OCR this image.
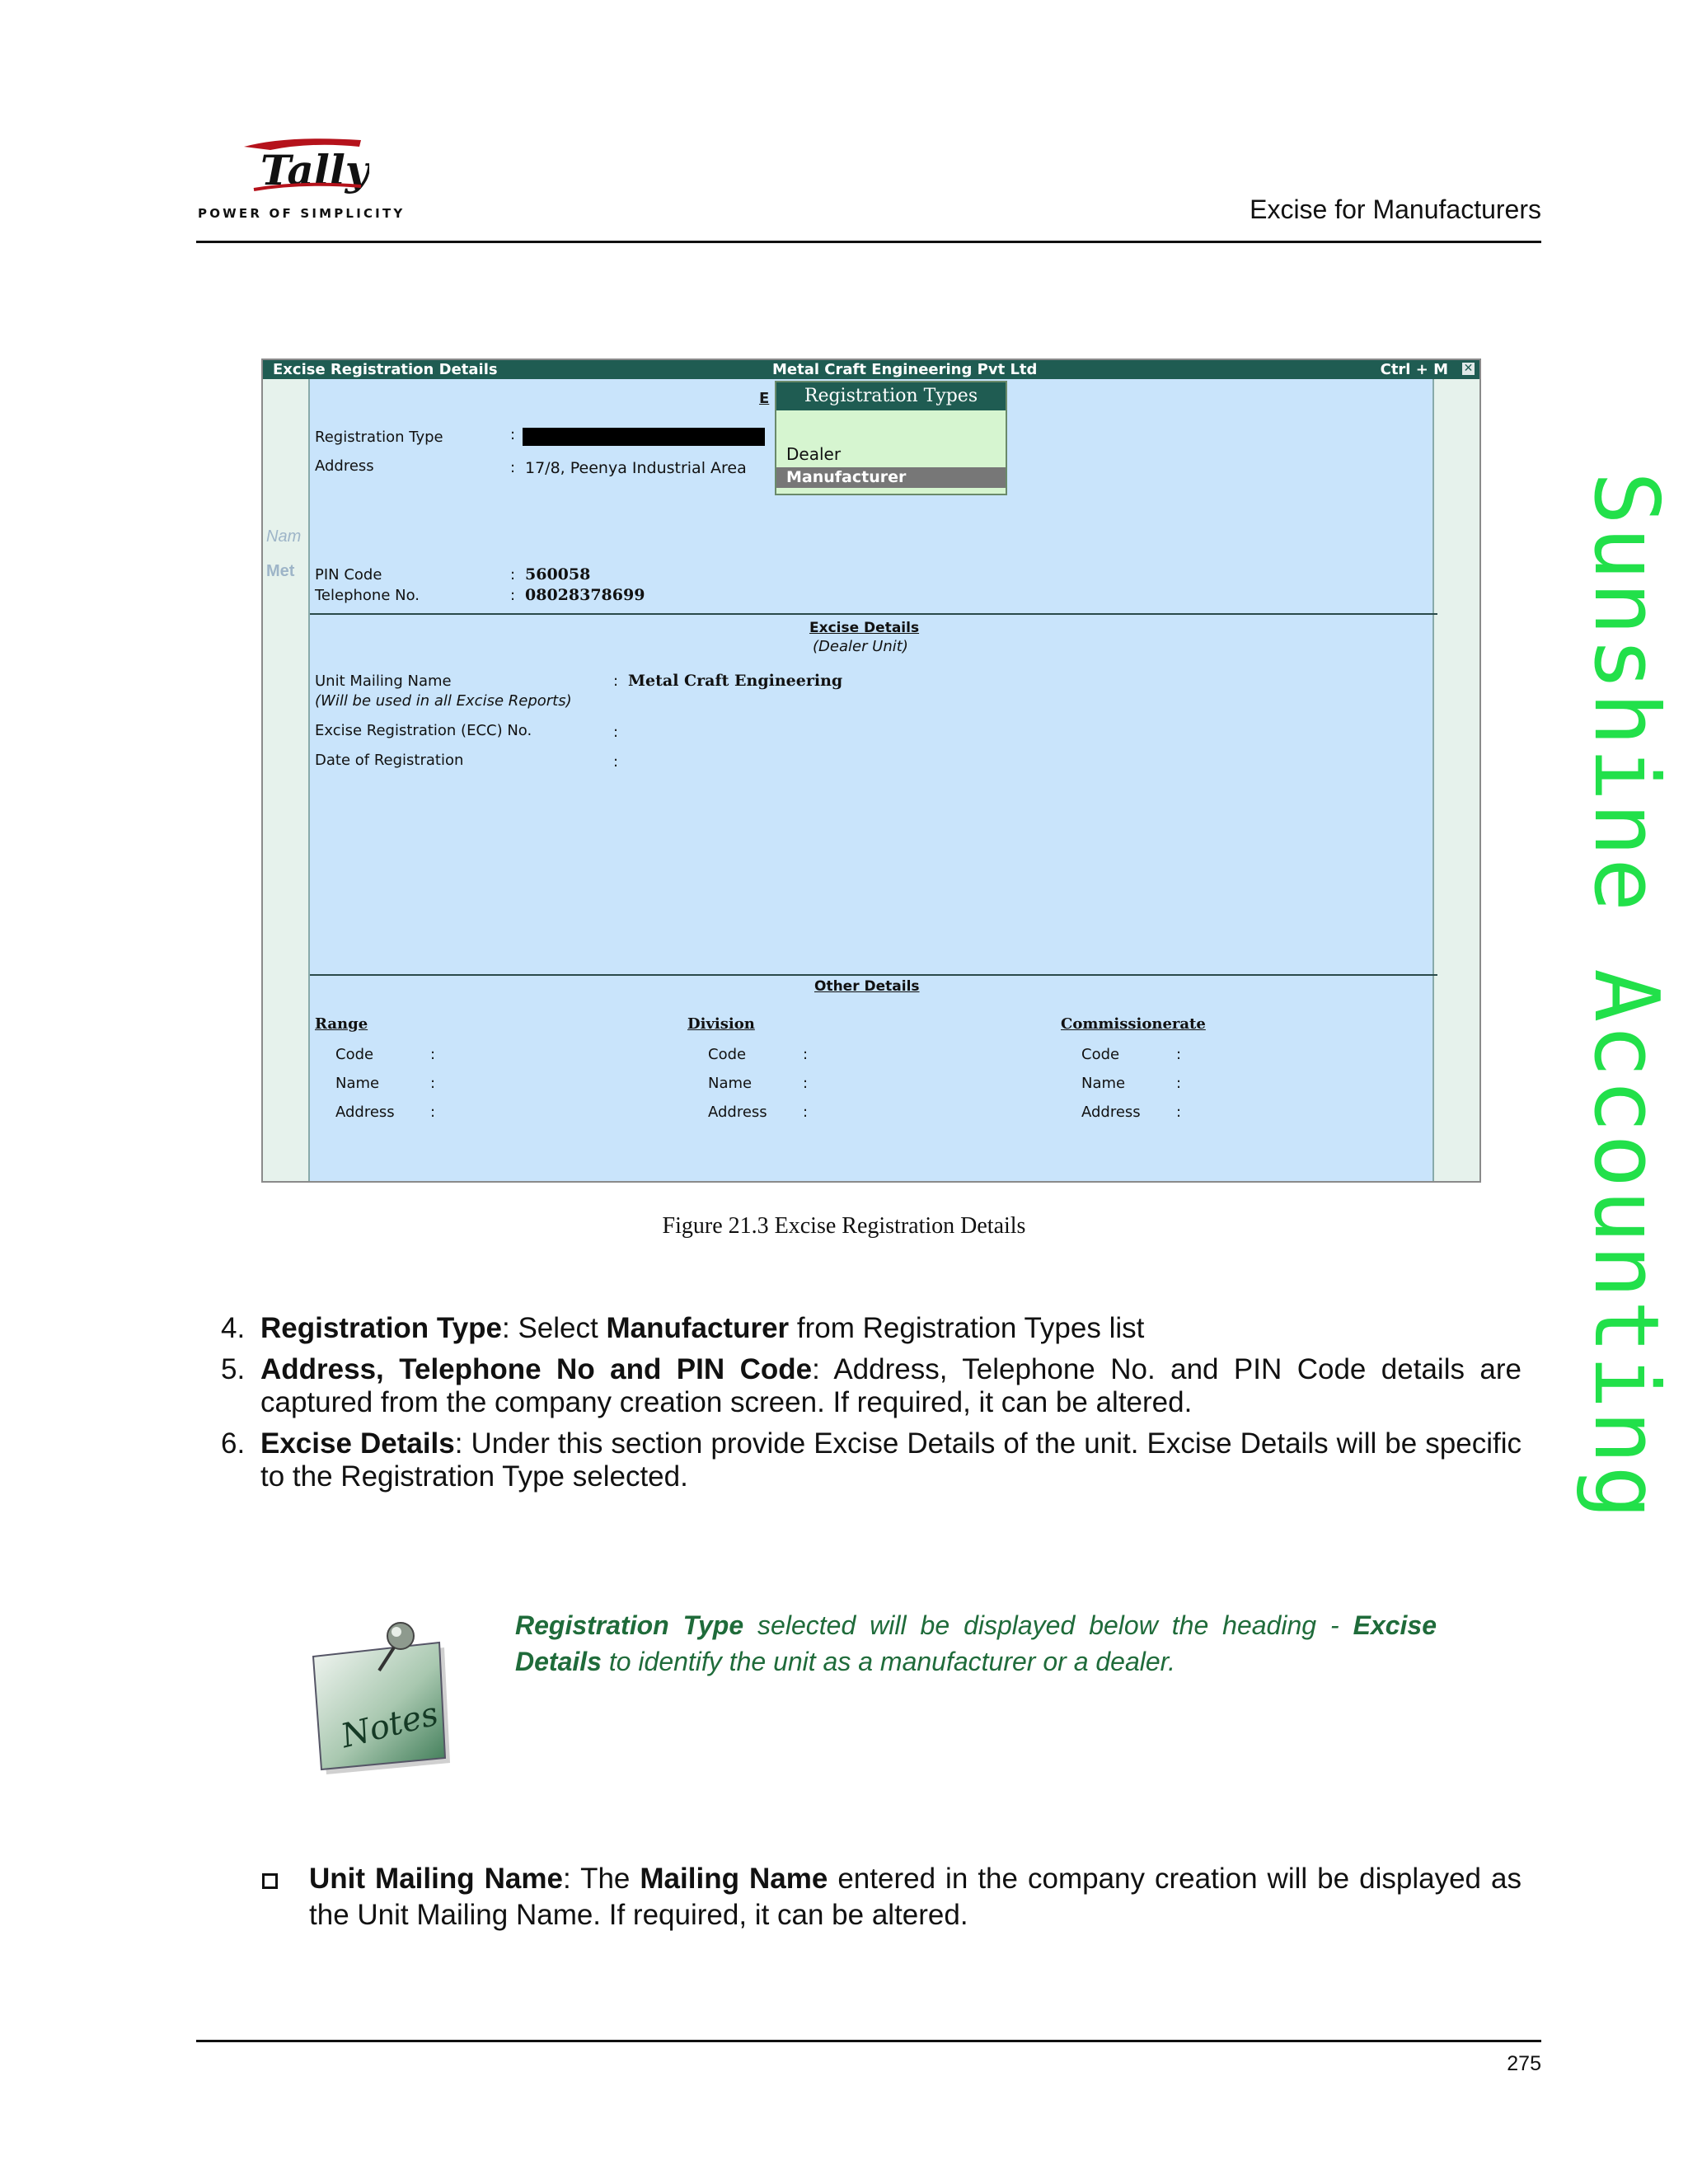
Tally
POWER OF SIMPLICITY	Excise for Manufacturers
Sunshine Accounting
Excise Registration Details	Metal Craft Engineering Pvt Ltd	Ctrl + M ✕
Nam
Met
E
Registration Type	:
Address	: 17/8, Peenya Industrial Area
PIN Code	: 560058
Telephone No.	: 08028378699
Excise Details
(Dealer Unit)
Unit Mailing Name
(Will be used in all Excise Reports)
: Metal Craft Engineering
Excise Registration (ECC) No.	:
Date of Registration	:
Other Details
Range
Code	:
Name	:
Address :
Division
Code	:
Name	:
Address :
Commissionerate
Code	:
Name	:
Address :
Registration Types
Dealer
Manufacturer
Figure 21.3 Excise Registration Details
4. Registration Type: Select Manufacturer from Registration Types list
5. Address, Telephone No and PIN Code: Address, Telephone No. and PIN Code details are captured from the company creation screen. If required, it can be altered.
6. Excise Details: Under this section provide Excise Details of the unit. Excise Details will be specific to the Registration Type selected.
Notes
Registration Type selected will be displayed below the heading - Excise Details to identify the unit as a manufacturer or a dealer.
Unit Mailing Name: The Mailing Name entered in the company creation will be displayed as the Unit Mailing Name. If required, it can be altered.
275
